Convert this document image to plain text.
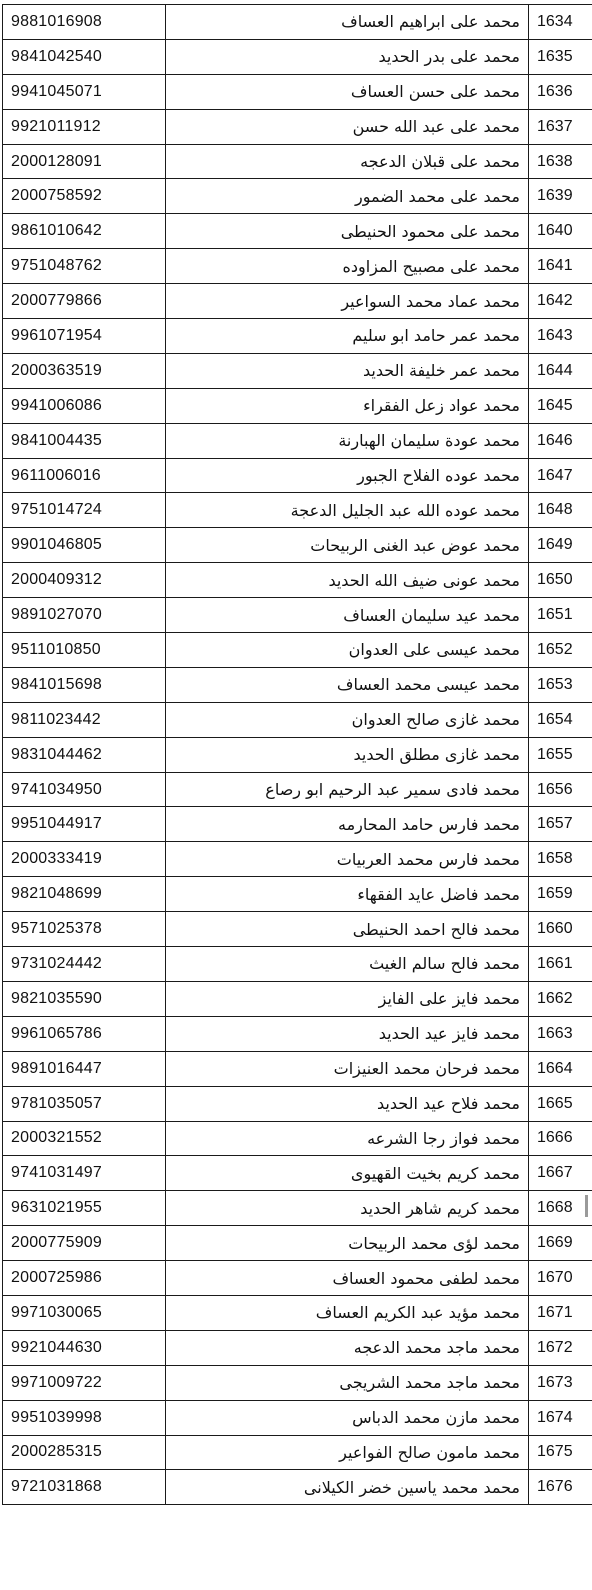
9881016908	محمد علی ابراهیم العساف	1634
9841042540	محمد علی بدر الحدید	1635
9941045071	محمد علی حسن العساف	1636
9921011912	محمد علی عبد الله حسن	1637
2000128091	محمد علی قبلان الدعجه	1638
2000758592	محمد علی محمد الضمور	1639
9861010642	محمد علی محمود الحنیطی	1640
9751048762	محمد علی مصبیح المزاوده	1641
2000779866	محمد عماد محمد السواعیر	1642
9961071954	محمد عمر حامد ابو سلیم	1643
2000363519	محمد عمر خلیفة الحدید	1644
9941006086	محمد عواد زعل الفقراء	1645
9841004435	محمد عودة سلیمان الهبارنة	1646
9611006016	محمد عوده الفلاح الجبور	1647
9751014724	محمد عوده الله عبد الجلیل الدعجة	1648
9901046805	محمد عوض عبد الغنی الربیحات	1649
2000409312	محمد عونی ضیف الله الحدید	1650
9891027070	محمد عید سلیمان العساف	1651
9511010850	محمد عیسی علی العدوان	1652
9841015698	محمد عیسی محمد العساف	1653
9811023442	محمد غازی صالح العدوان	1654
9831044462	محمد غازی مطلق الحدید	1655
9741034950	محمد فادی سمیر عبد الرحیم ابو رصاع	1656
9951044917	محمد فارس حامد المحارمه	1657
2000333419	محمد فارس محمد العربیات	1658
9821048699	محمد فاضل عاید الفقهاء	1659
9571025378	محمد فالح احمد الحنیطی	1660
9731024442	محمد فالح سالم الغیث	1661
9821035590	محمد فایز علی الفایز	1662
9961065786	محمد فایز عید الحدید	1663
9891016447	محمد فرحان محمد العنیزات	1664
9781035057	محمد فلاح عید الحدید	1665
2000321552	محمد فواز رجا الشرعه	1666
9741031497	محمد کریم بخیت القهیوی	1667
9631021955	محمد کریم شاهر الحدید	1668
2000775909	محمد لؤی محمد الربیحات	1669
2000725986	محمد لطفی محمود العساف	1670
9971030065	محمد مؤید عبد الکریم العساف	1671
9921044630	محمد ماجد محمد الدعجه	1672
9971009722	محمد ماجد محمد الشریجی	1673
9951039998	محمد مازن محمد الدباس	1674
2000285315	محمد مامون صالح الفواعیر	1675
9721031868	محمد محمد یاسین خضر الکیلانی	1676
